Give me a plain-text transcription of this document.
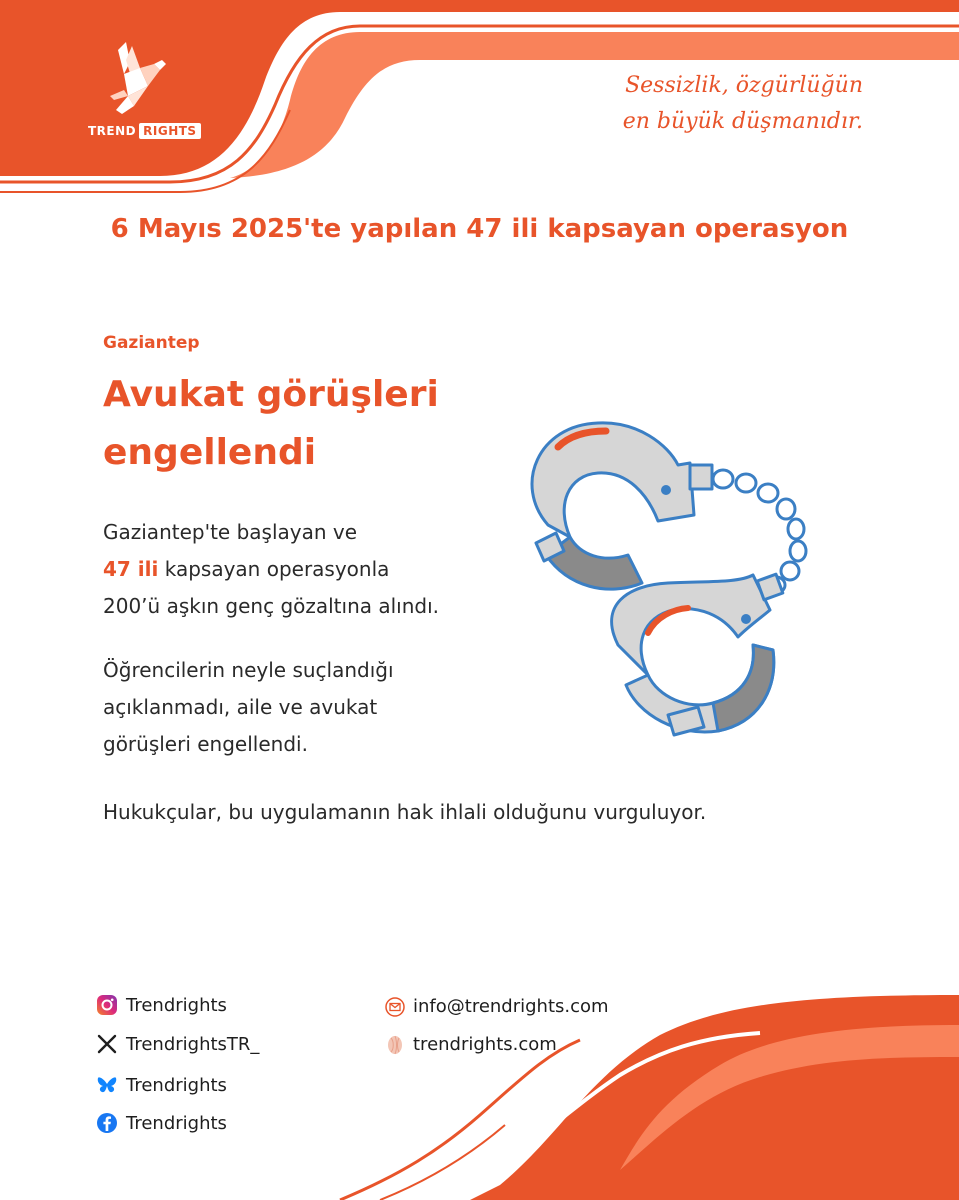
TREND RIGHTS
Sessizlik, özgürlüğün
en büyük düşmanıdır.
6 Mayıs 2025'te yapılan 47 ili kapsayan operasyon
Gaziantep
Avukat görüşleri
engellendi
Gaziantep'te başlayan ve
47 ili kapsayan operasyonla
200’ü aşkın genç gözaltına alındı.
Öğrencilerin neyle suçlandığı
açıklanmadı, aile ve avukat
görüşleri engellendi.
Hukukçular, bu uygulamanın hak ihlali olduğunu vurguluyor.
Trendrights
TrendrightsTR_
Trendrights
Trendrights
info@trendrights.com
trendrights.com
